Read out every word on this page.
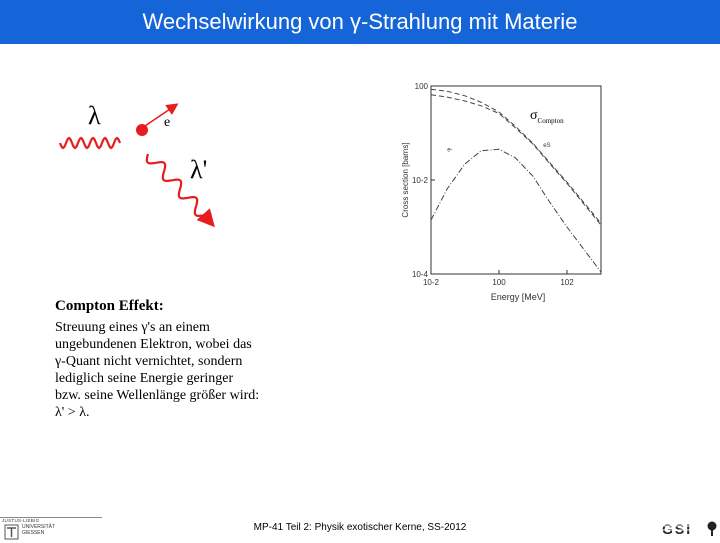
Wechselwirkung von γ-Strahlung mit Materie
λ	e
λ'	Cross section [barns]
Energy [MeV]
10-2	100	102
100
10-2
10-4
e-
eS
$\sigma_{Compton}$
Compton Effekt:
Streuung eines γ's an einem ungebundenen Elektron, wobei das γ-Quant nicht vernichtet, sondern lediglich seine Energie geringer bzw. seine Wellenlänge größer wird: λ' > λ.
JUSTUS-LIEBIG
UNIVERSITÄT
GIESSEN	MP-41 Teil 2: Physik exotischer Kerne, SS-2012	GSI
